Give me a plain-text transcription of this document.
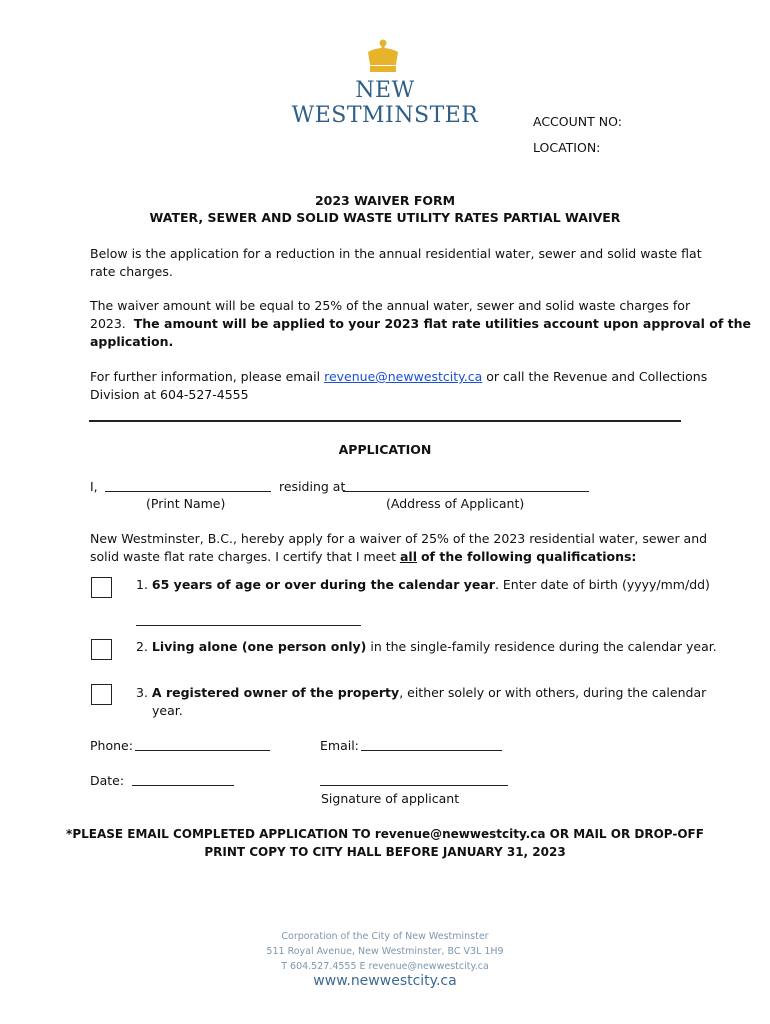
NEW WESTMINSTER	ACCOUNT NO:
LOCATION:
2023 WAIVER FORM
WATER, SEWER AND SOLID WASTE UTILITY RATES PARTIAL WAIVER
Below is the application for a reduction in the annual residential water, sewer and solid waste flat
rate charges.
The waiver amount will be equal to 25% of the annual water, sewer and solid waste charges for
2023. The amount will be applied to your 2023 flat rate utilities account upon approval of the
application.
For further information, please email revenue@newwestcity.ca or call the Revenue and Collections
Division at 604-527-4555
APPLICATION
I,	residing at
(Print Name)	(Address of Applicant)
New Westminster, B.C., hereby apply for a waiver of 25% of the 2023 residential water, sewer and
solid waste flat rate charges. I certify that I meet all of the following qualifications:
1. 65 years of age or over during the calendar year. Enter date of birth (yyyy/mm/dd)
2. Living alone (one person only) in the single-family residence during the calendar year.
3. A registered owner of the property, either solely or with others, during the calendar
year.
Phone:	Email:
Date:
Signature of applicant
*PLEASE EMAIL COMPLETED APPLICATION TO revenue@newwestcity.ca OR MAIL OR DROP-OFF
PRINT COPY TO CITY HALL BEFORE JANUARY 31, 2023
Corporation of the City of New Westminster
511 Royal Avenue, New Westminster, BC V3L 1H9
T 604.527.4555 E revenue@newwestcity.ca
www.newwestcity.ca
